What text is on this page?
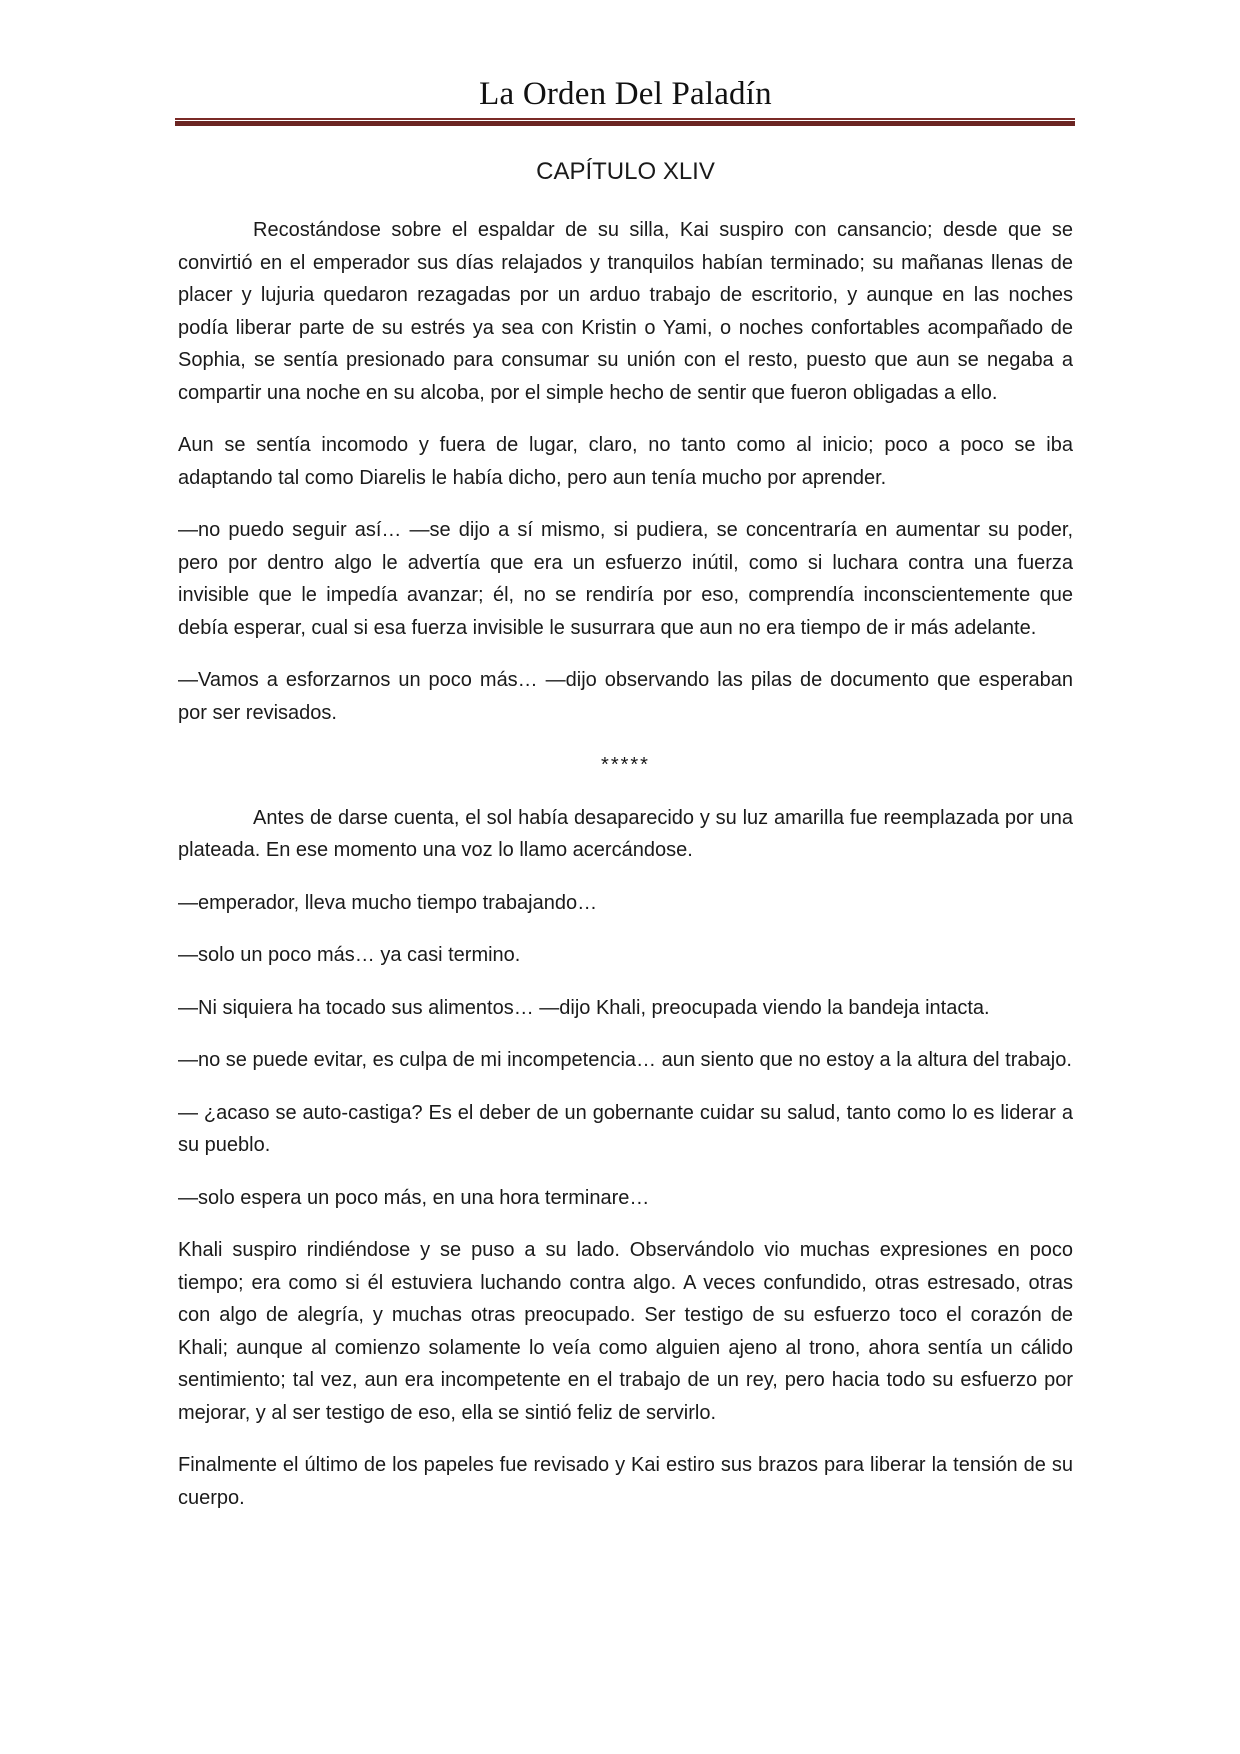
La Orden Del Paladín
CAPÍTULO XLIV

Recostándose sobre el espaldar de su silla, Kai suspiro con cansancio; desde que se convirtió en el emperador sus días relajados y tranquilos habían terminado; su mañanas llenas de placer y lujuria quedaron rezagadas por un arduo trabajo de escritorio, y aunque en las noches podía liberar parte de su estrés ya sea con Kristin o Yami, o noches confortables acompañado de Sophia, se sentía presionado para consumar su unión con el resto, puesto que aun se negaba a compartir una noche en su alcoba, por el simple hecho de sentir que fueron obligadas a ello.

Aun se sentía incomodo y fuera de lugar, claro, no tanto como al inicio; poco a poco se iba adaptando tal como Diarelis le había dicho, pero aun tenía mucho por aprender.

—no puedo seguir así… —se dijo a sí mismo, si pudiera, se concentraría en aumentar su poder, pero por dentro algo le advertía que era un esfuerzo inútil, como si luchara contra una fuerza invisible que le impedía avanzar; él, no se rendiría por eso, comprendía inconscientemente que debía esperar, cual si esa fuerza invisible le susurrara que aun no era tiempo de ir más adelante.

—Vamos a esforzarnos un poco más… —dijo observando las pilas de documento que esperaban por ser revisados.

*****

Antes de darse cuenta, el sol había desaparecido y su luz amarilla fue reemplazada por una plateada. En ese momento una voz lo llamo acercándose.

—emperador, lleva mucho tiempo trabajando…

—solo un poco más… ya casi termino.

—Ni siquiera ha tocado sus alimentos… —dijo Khali, preocupada viendo la bandeja intacta.

—no se puede evitar, es culpa de mi incompetencia… aun siento que no estoy a la altura del trabajo.

— ¿acaso se auto-castiga? Es el deber de un gobernante cuidar su salud, tanto como lo es liderar a su pueblo.

—solo espera un poco más, en una hora terminare…

Khali suspiro rindiéndose y se puso a su lado. Observándolo vio muchas expresiones en poco tiempo; era como si él estuviera luchando contra algo. A veces confundido, otras estresado, otras con algo de alegría, y muchas otras preocupado. Ser testigo de su esfuerzo toco el corazón de Khali; aunque al comienzo solamente lo veía como alguien ajeno al trono, ahora sentía un cálido sentimiento; tal vez, aun era incompetente en el trabajo de un rey, pero hacia todo su esfuerzo por mejorar, y al ser testigo de eso, ella se sintió feliz de servirlo.

Finalmente el último de los papeles fue revisado y Kai estiro sus brazos para liberar la tensión de su cuerpo.
